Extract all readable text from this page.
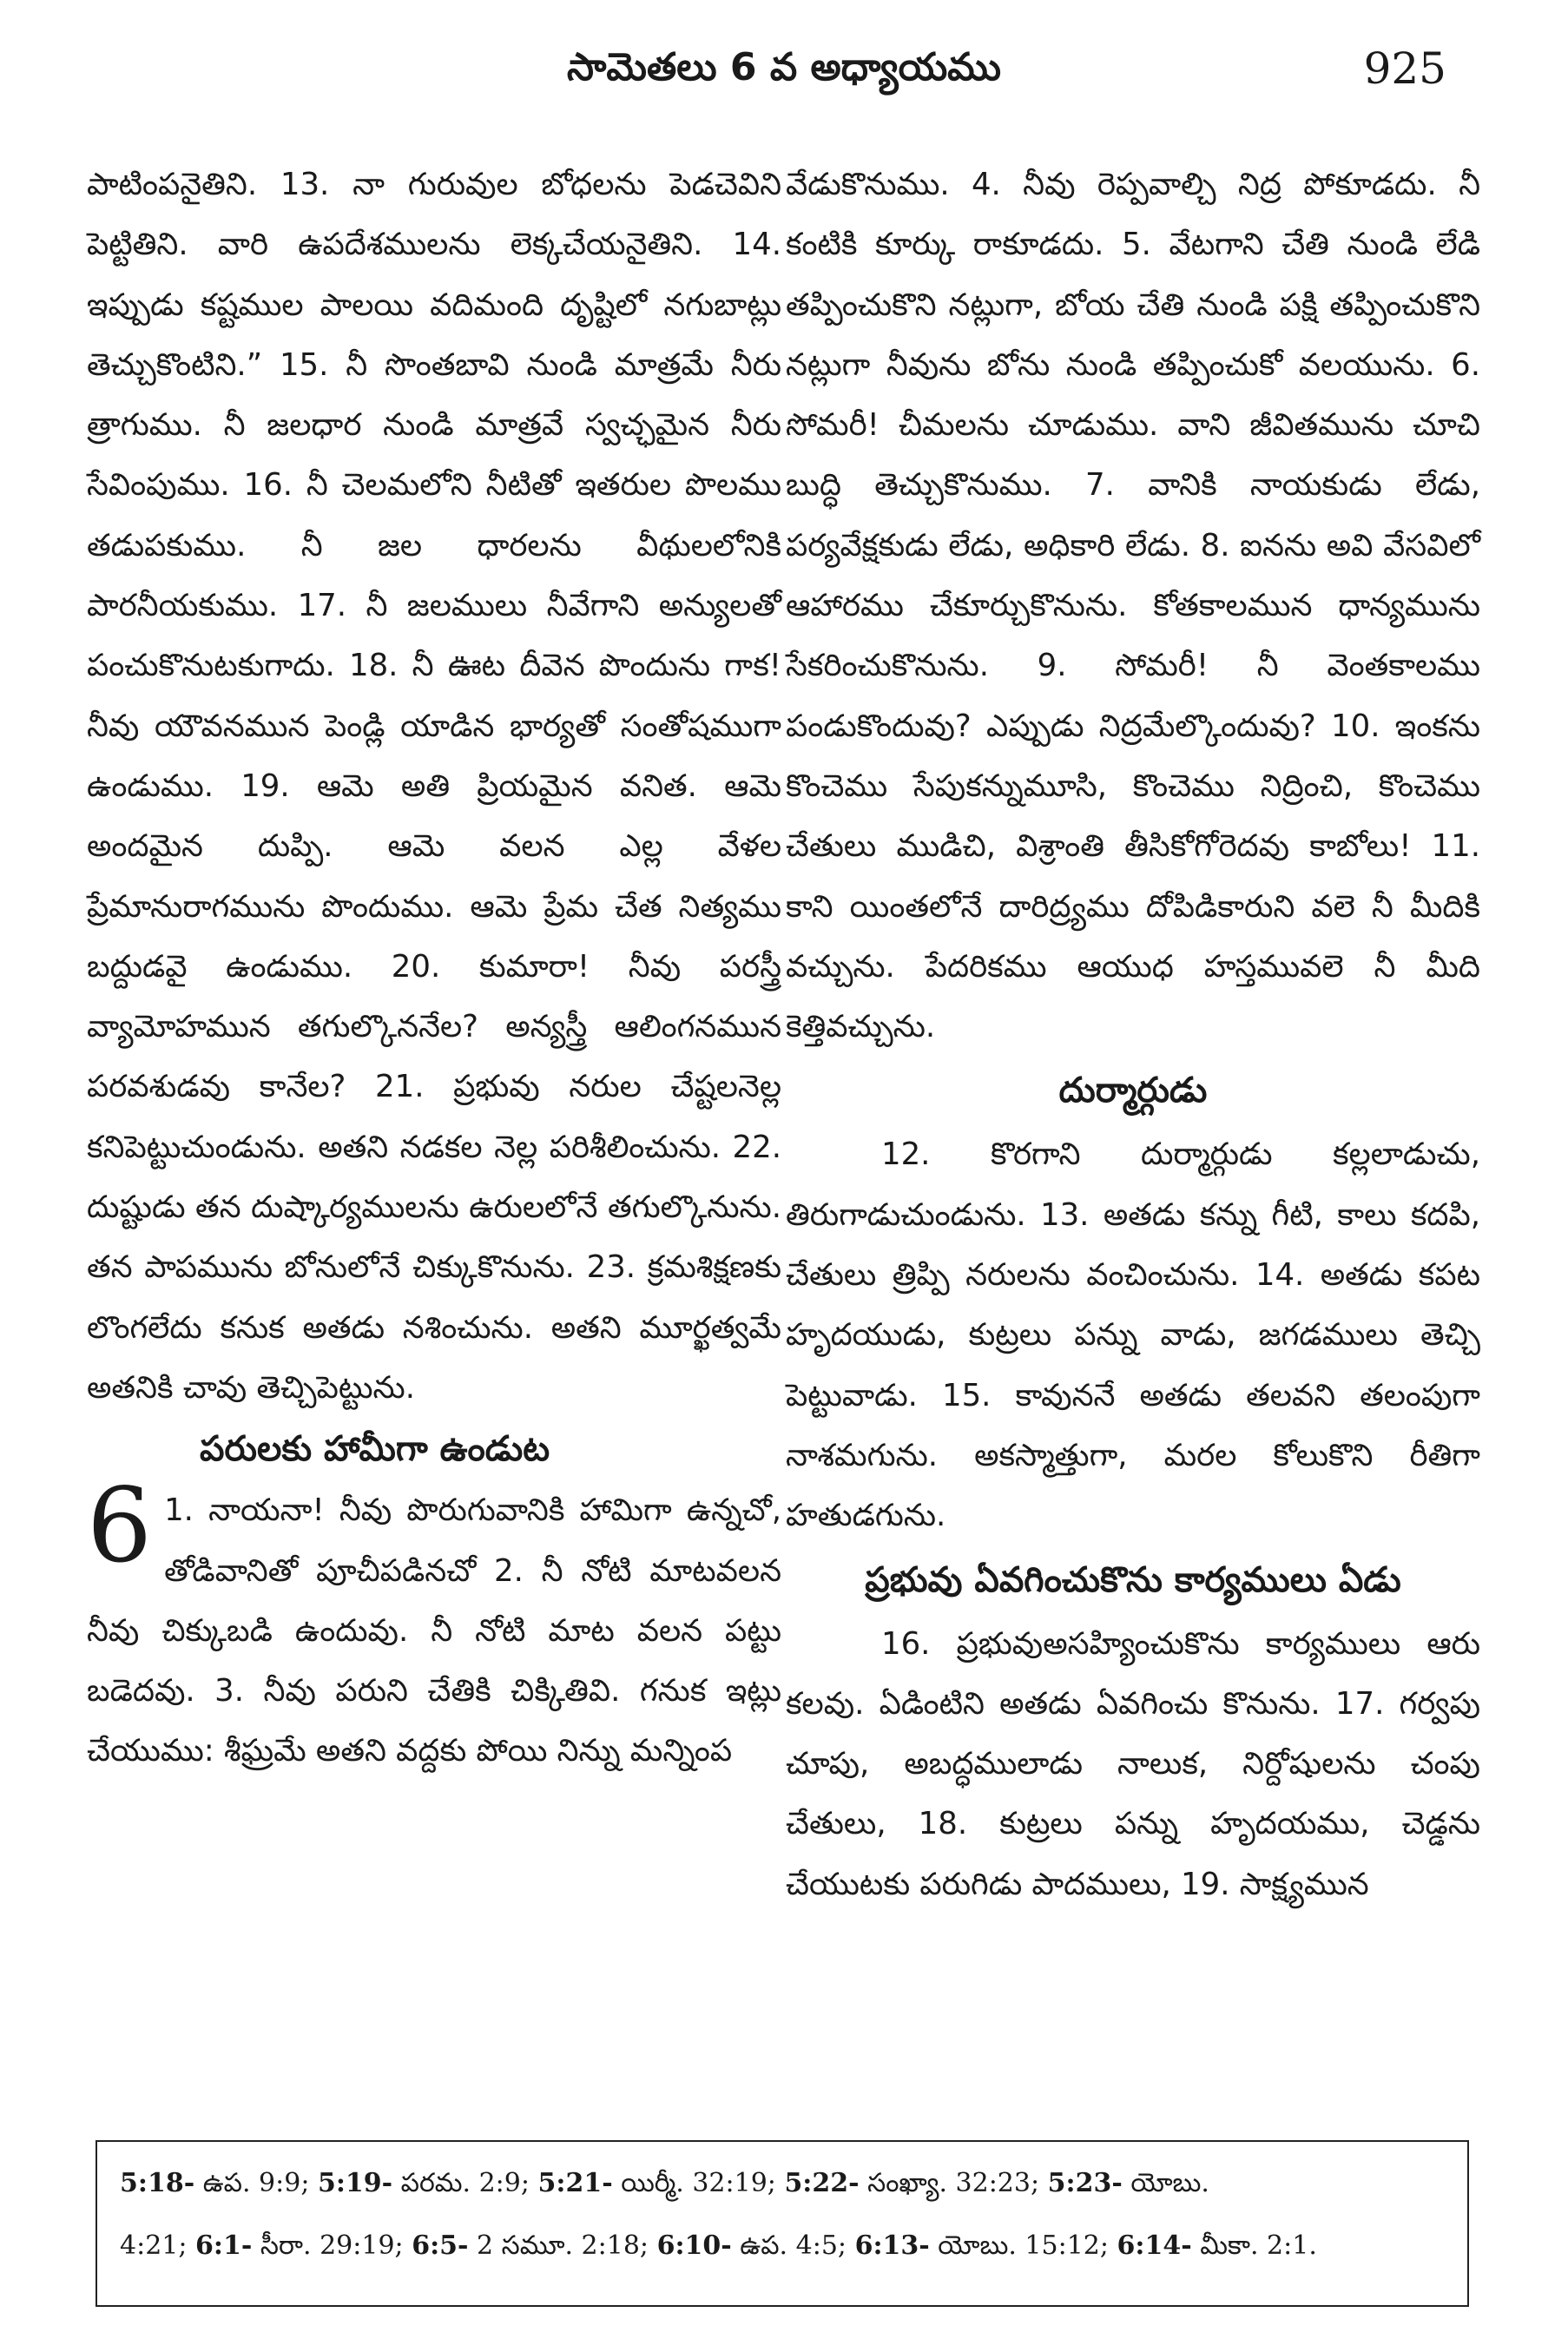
సామెతలు 6 వ అధ్యాయము	925

పాటింపనైతిని. 13. నా గురువుల బోధలను పెడచెవిని పెట్టితిని. వారి ఉపదేశములను లెక్కచేయనైతిని. 14. ఇప్పుడు కష్టముల పాలయి వదిమంది దృష్టిలో నగుబాట్లు తెచ్చుకొంటిని.” 15. నీ సొంతబావి నుండి మాత్రమే నీరు త్రాగుము. నీ జలధార నుండి మాత్రవే స్వచ్ఛమైన నీరు సేవింపుము. 16. నీ చెలమలోని నీటితో ఇతరుల పొలము తడుపకుము. నీ జల ధారలను వీథులలోనికి పారనీయకుము. 17. నీ జలములు నీవేగాని అన్యులతో పంచుకొనుటకుగాదు. 18. నీ ఊట దీవెన పొందును గాక! నీవు యౌవనమున పెండ్లి యాడిన భార్యతో సంతోషముగా ఉండుము. 19. ఆమె అతి ప్రియమైన వనిత. ఆమె అందమైన దుప్పి. ఆమె వలన ఎల్ల వేళల ప్రేమానురాగమును పొందుము. ఆమె ప్రేమ చేత నిత్యము బద్దుడవై ఉండుము. 20. కుమారా! నీవు పరస్త్రీ వ్యామోహమున తగుల్కొననేల? అన్యస్త్రీ ఆలింగనమున పరవశుడవు కానేల? 21. ప్రభువు నరుల చేష్టలనెల్ల కనిపెట్టుచుండును. అతని నడకల నెల్ల పరిశీలించును. 22. దుష్టుడు తన దుష్కార్యములను ఉరులలోనే తగుల్కొనును. తన పాపమును బోనులోనే చిక్కుకొనును. 23. క్రమశిక్షణకు లొంగలేదు కనుక అతడు నశించును. అతని మూర్ఖత్వమే అతనికి చావు తెచ్చిపెట్టును.

పరులకు హామీగా ఉండుట

6 1. నాయనా! నీవు పొరుగువానికి హామిగా ఉన్నచో, తోడివానితో పూచీపడినచో 2. నీ నోటి మాటవలన నీవు చిక్కుబడి ఉందువు. నీ నోటి మాట వలన పట్టు బడెదవు. 3. నీవు పరుని చేతికి చిక్కితివి. గనుక ఇట్లు చేయుము: శీఘ్రమే అతని వద్దకు పోయి నిన్ను మన్నింప

వేడుకొనుము. 4. నీవు రెప్పవాల్చి నిద్ర పోకూడదు. నీ కంటికి కూర్కు రాకూడదు. 5. వేటగాని చేతి నుండి లేడి తప్పించుకొని నట్లుగా, బోయ చేతి నుండి పక్షి తప్పించుకొని నట్లుగా నీవును బోను నుండి తప్పించుకో వలయును. 6. సోమరీ! చీమలను చూడుము. వాని జీవితమును చూచి బుద్ధి తెచ్చుకొనుము. 7. వానికి నాయకుడు లేడు, పర్యవేక్షకుడు లేడు, అధికారి లేడు. 8. ఐనను అవి వేసవిలో ఆహారము చేకూర్చుకొనును. కోతకాలమున ధాన్యమును సేకరించుకొనును. 9. సోమరీ! నీ వెంతకాలము పండుకొందువు? ఎప్పుడు నిద్రమేల్కొందువు? 10. ఇంకను కొంచెము సేపుకన్నుమూసి, కొంచెము నిద్రించి, కొంచెము చేతులు ముడిచి, విశ్రాంతి తీసికోగోరెదవు కాబోలు! 11. కాని యింతలోనే దారిద్ర్యము దోపిడికారుని వలె నీ మీదికి వచ్చును. పేదరికము ఆయుధ హస్తమువలె నీ మీది కెత్తివచ్చును.

దుర్మార్గుడు

12. కొరగాని దుర్మార్గుడు కల్లలాడుచు, తిరుగాడుచుండును. 13. అతడు కన్ను గీటి, కాలు కదపి, చేతులు త్రిప్పి నరులను వంచించును. 14. అతడు కపట హృదయుడు, కుట్రలు పన్ను వాడు, జగడములు తెచ్చి పెట్టువాడు. 15. కావుననే అతడు తలవని తలంపుగా నాశమగును. అకస్మాత్తుగా, మరల కోలుకొని రీతిగా హతుడగును.

ప్రభువు ఏవగించుకొను కార్యములు ఏడు

16. ప్రభువుఅసహ్యించుకొను కార్యములు ఆరు కలవు. ఏడింటిని అతడు ఏవగించు కొనును. 17. గర్వపు చూపు, అబద్ధములాడు నాలుక, నిర్దోషులను చంపు చేతులు, 18. కుట్రలు పన్ను హృదయము, చెడ్డను చేయుటకు పరుగిడు పాదములు, 19. సాక్ష్యమున

5:18- ఉప. 9:9; 5:19- పరమ. 2:9; 5:21- యిర్మీ. 32:19; 5:22- సంఖ్యా. 32:23; 5:23- యోబు.
4:21; 6:1- సీరా. 29:19; 6:5- 2 సమూ. 2:18; 6:10- ఉప. 4:5; 6:13- యోబు. 15:12; 6:14- మీకా. 2:1.
